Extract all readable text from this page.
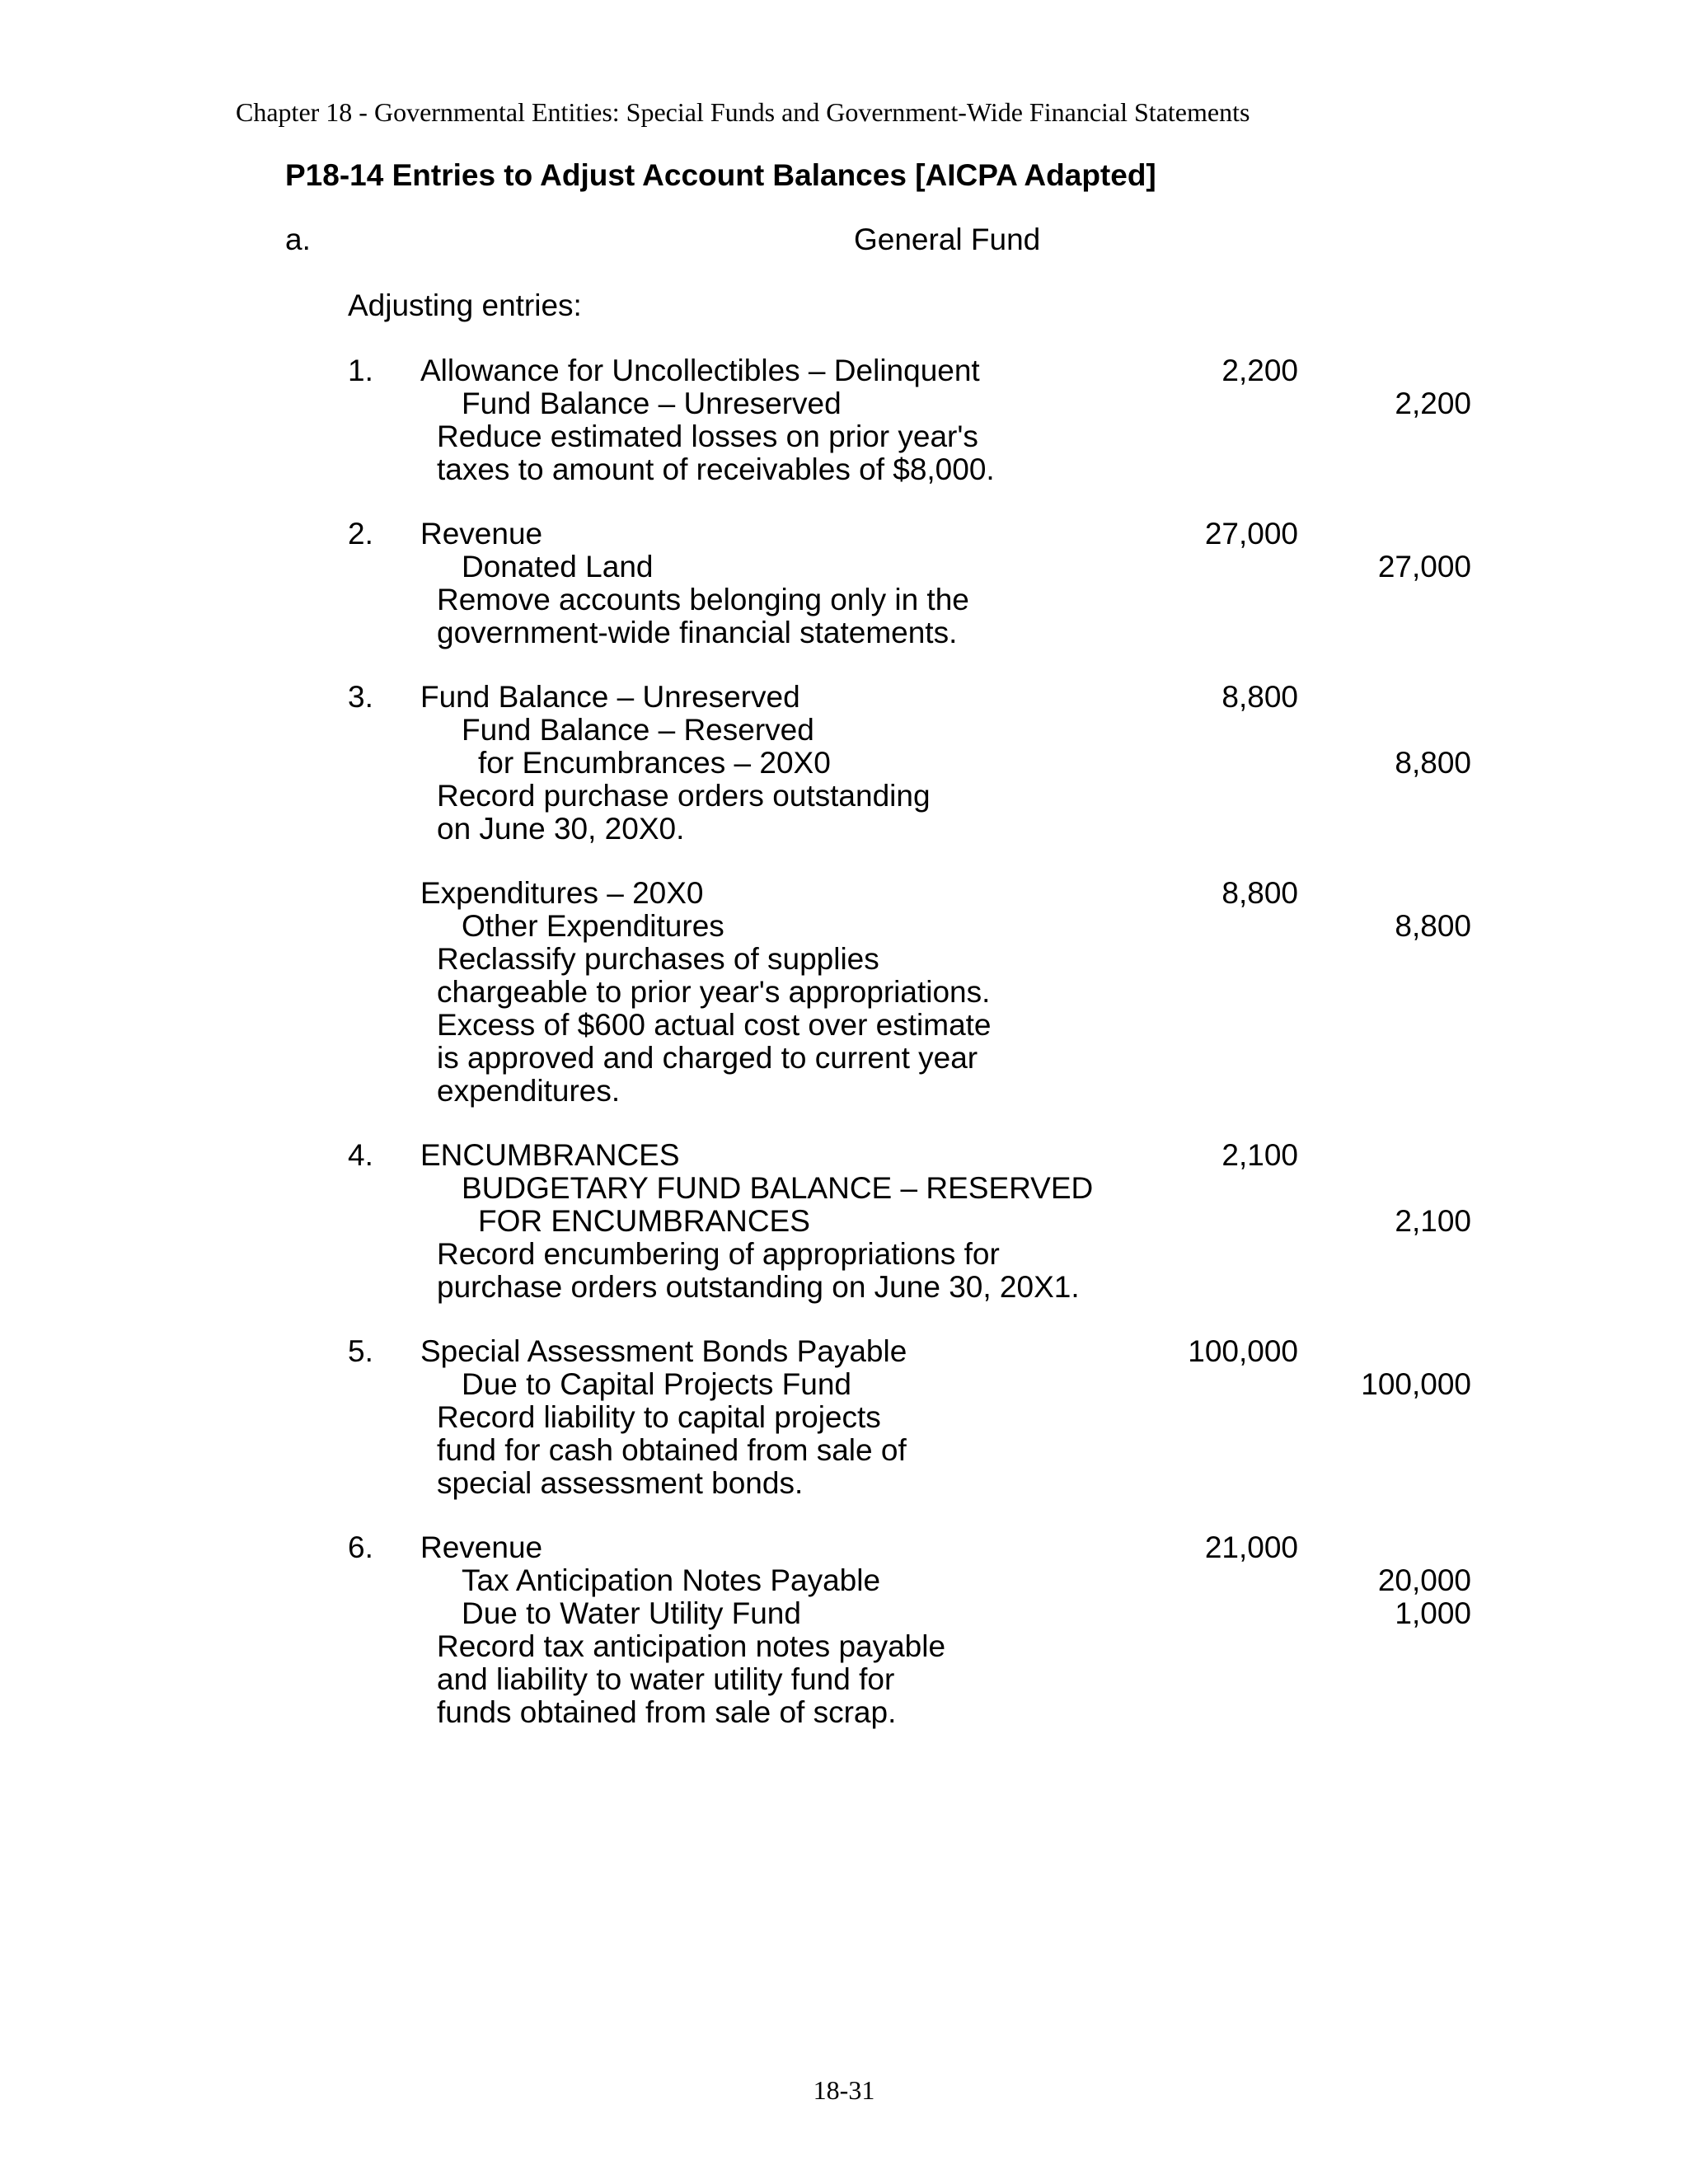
Chapter 18 - Governmental Entities: Special Funds and Government-Wide Financial Statements
P18-14 Entries to Adjust Account Balances [AICPA Adapted]
a.	General Fund
Adjusting entries:
1. Allowance for Uncollectibles – Delinquent
Fund Balance – Unreserved
Reduce estimated losses on prior year's
taxes to amount of receivables of $8,000.
2,200
2,200
2. Revenue
Donated Land
Remove accounts belonging only in the
government-wide financial statements.
27,000
27,000
3. Fund Balance – Unreserved
Fund Balance – Reserved
for Encumbrances – 20X0
Record purchase orders outstanding
on June 30, 20X0.
8,800
8,800
Expenditures – 20X0
Other Expenditures
Reclassify purchases of supplies
chargeable to prior year's appropriations.
Excess of $600 actual cost over estimate
is approved and charged to current year
expenditures.
8,800
8,800
4. ENCUMBRANCES
BUDGETARY FUND BALANCE – RESERVED
FOR ENCUMBRANCES
Record encumbering of appropriations for
purchase orders outstanding on June 30, 20X1.
2,100
2,100
5. Special Assessment Bonds Payable
Due to Capital Projects Fund
Record liability to capital projects
fund for cash obtained from sale of
special assessment bonds.
100,000
100,000
6. Revenue
Tax Anticipation Notes Payable
Due to Water Utility Fund
Record tax anticipation notes payable
and liability to water utility fund for
funds obtained from sale of scrap.
21,000
20,000
1,000
18-31
